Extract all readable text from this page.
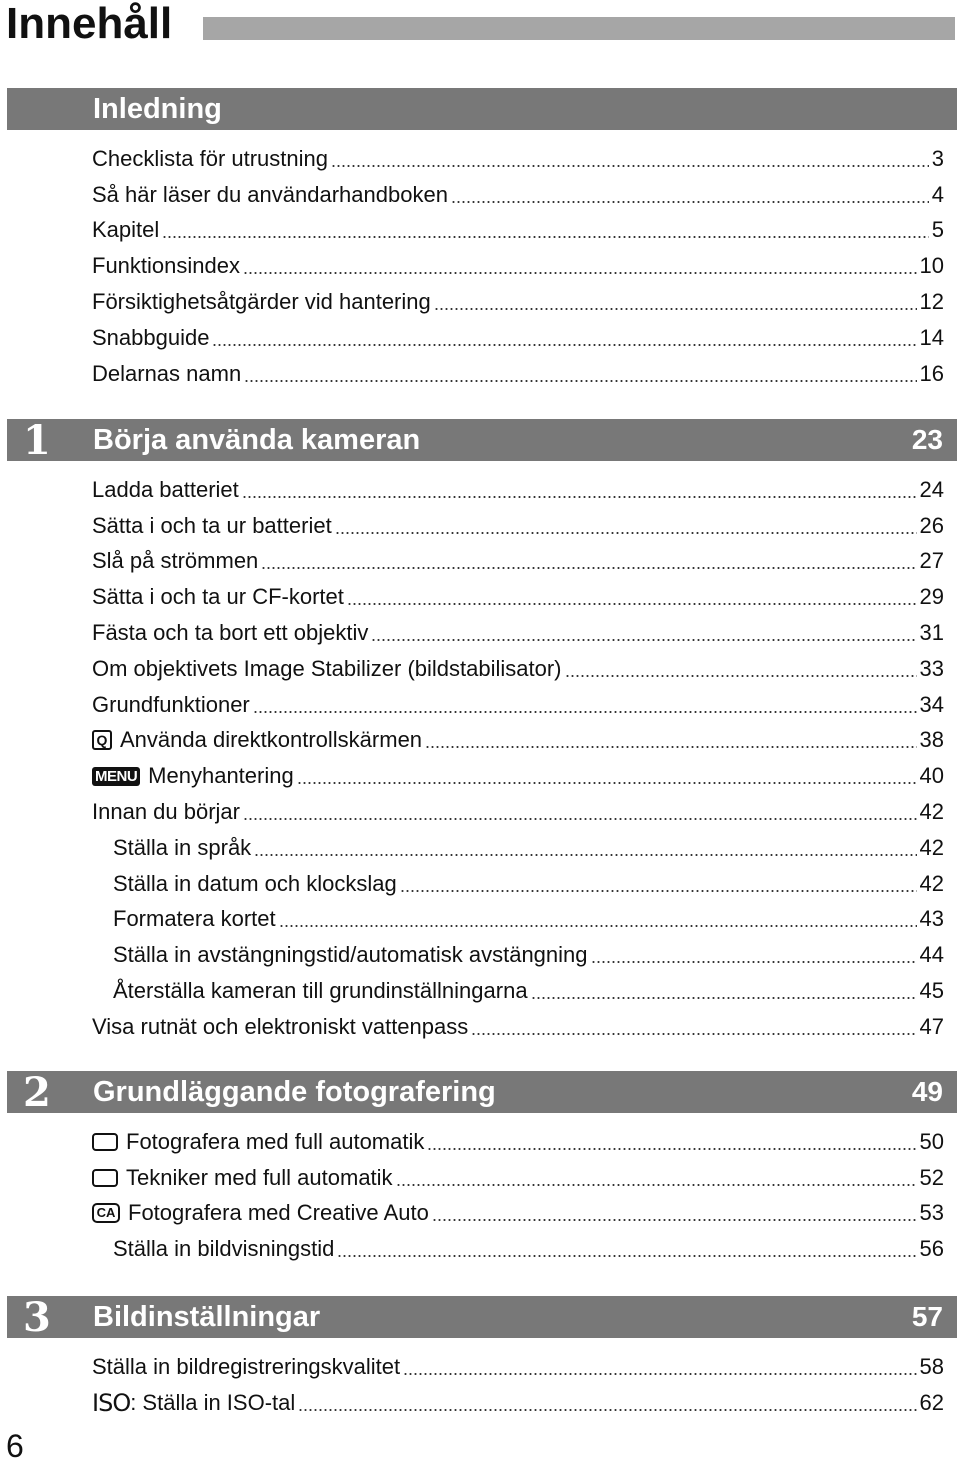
Innehåll
Inledning
Checklista för utrustning	3
Så här läser du användarhandboken	4
Kapitel	5
Funktionsindex	10
Försiktighetsåtgärder vid hantering	12
Snabbguide	14
Delarnas namn	16
1 Börja använda kameran	23
Ladda batteriet	24
Sätta i och ta ur batteriet	26
Slå på strömmen	27
Sätta i och ta ur CF-kortet	29
Fästa och ta bort ett objektiv	31
Om objektivets Image Stabilizer (bildstabilisator)	33
Grundfunktioner	34
Q Använda direktkontrollskärmen	38
MENU Menyhantering	40
Innan du börjar	42
Ställa in språk	42
Ställa in datum och klockslag	42
Formatera kortet	43
Ställa in avstängningstid/automatisk avstängning	44
Återställa kameran till grundinställningarna	45
Visa rutnät och elektroniskt vattenpass	47
2 Grundläggande fotografering	49
Fotografera med full automatik	50
Tekniker med full automatik	52
CA Fotografera med Creative Auto	53
Ställa in bildvisningstid	56
3 Bildinställningar	57
Ställa in bildregistreringskvalitet	58
ISO : Ställa in ISO-tal	62
6
